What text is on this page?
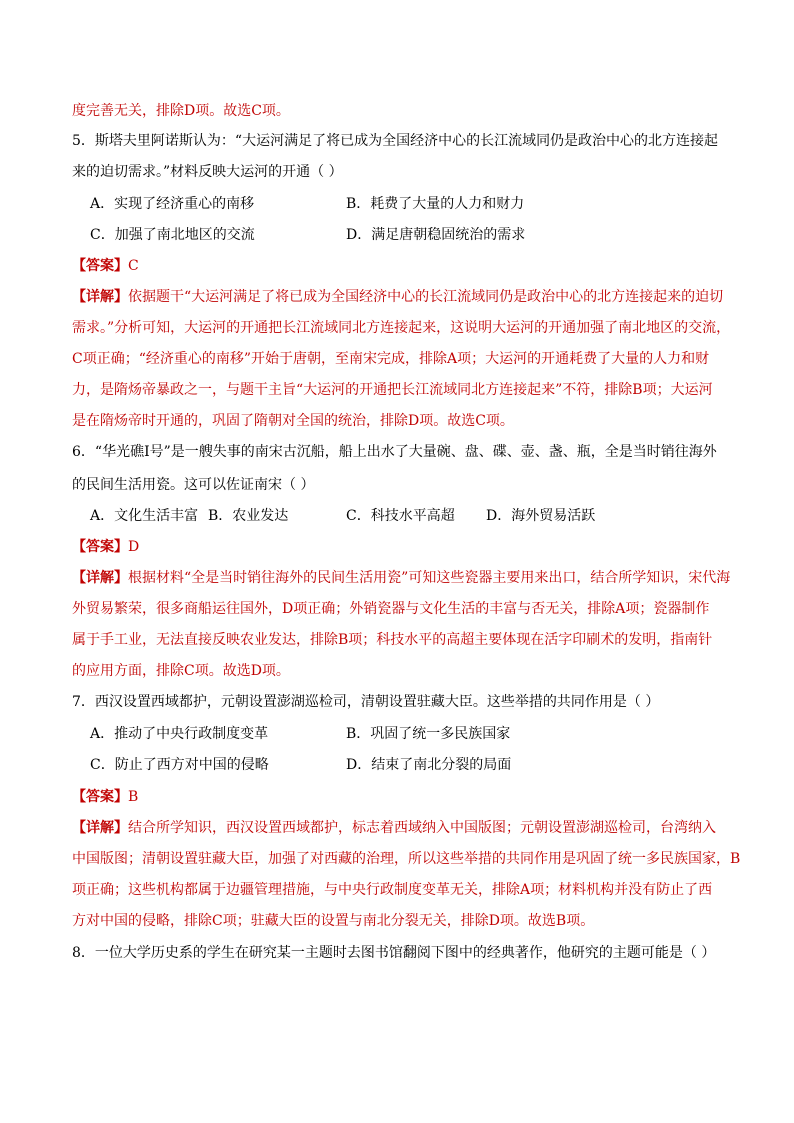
度完善无关，排除D项。故选C项。
5．斯塔夫里阿诺斯认为：“大运河满足了将已成为全国经济中心的长江流域同仍是政治中心的北方连接起
来的迫切需求。”材料反映大运河的开通（ ）
A．实现了经济重心的南移	B．耗费了大量的人力和财力
C．加强了南北地区的交流	D．满足唐朝稳固统治的需求
【答案】C
【详解】依据题干“大运河满足了将已成为全国经济中心的长江流域同仍是政治中心的北方连接起来的迫切
需求。”分析可知，大运河的开通把长江流域同北方连接起来，这说明大运河的开通加强了南北地区的交流，
C项正确；“经济重心的南移”开始于唐朝，至南宋完成，排除A项；大运河的开通耗费了大量的人力和财
力，是隋炀帝暴政之一，与题干主旨“大运河的开通把长江流域同北方连接起来”不符，排除B项；大运河
是在隋炀帝时开通的，巩固了隋朝对全国的统治，排除D项。故选C项。
6．“华光礁Ⅰ号”是一艘失事的南宋古沉船，船上出水了大量碗、盘、碟、壶、盏、瓶，全是当时销往海外
的民间生活用瓷。这可以佐证南宋（ ）
A．文化生活丰富 B．农业发达	C．科技水平高超 D．海外贸易活跃
【答案】D
【详解】根据材料“全是当时销往海外的民间生活用瓷”可知这些瓷器主要用来出口，结合所学知识，宋代海
外贸易繁荣，很多商船运往国外，D项正确；外销瓷器与文化生活的丰富与否无关，排除A项；瓷器制作
属于手工业，无法直接反映农业发达，排除B项；科技水平的高超主要体现在活字印刷术的发明，指南针
的应用方面，排除C项。故选D项。
7．西汉设置西域都护，元朝设置澎湖巡检司，清朝设置驻藏大臣。这些举措的共同作用是（ ）
A．推动了中央行政制度变革	B．巩固了统一多民族国家
C．防止了西方对中国的侵略	D．结束了南北分裂的局面
【答案】B
【详解】结合所学知识，西汉设置西域都护，标志着西域纳入中国版图；元朝设置澎湖巡检司，台湾纳入
中国版图；清朝设置驻藏大臣，加强了对西藏的治理，所以这些举措的共同作用是巩固了统一多民族国家，B
项正确；这些机构都属于边疆管理措施，与中央行政制度变革无关，排除A项；材料机构并没有防止了西
方对中国的侵略，排除C项；驻藏大臣的设置与南北分裂无关，排除D项。故选B项。
8．一位大学历史系的学生在研究某一主题时去图书馆翻阅下图中的经典著作，他研究的主题可能是（ ）
